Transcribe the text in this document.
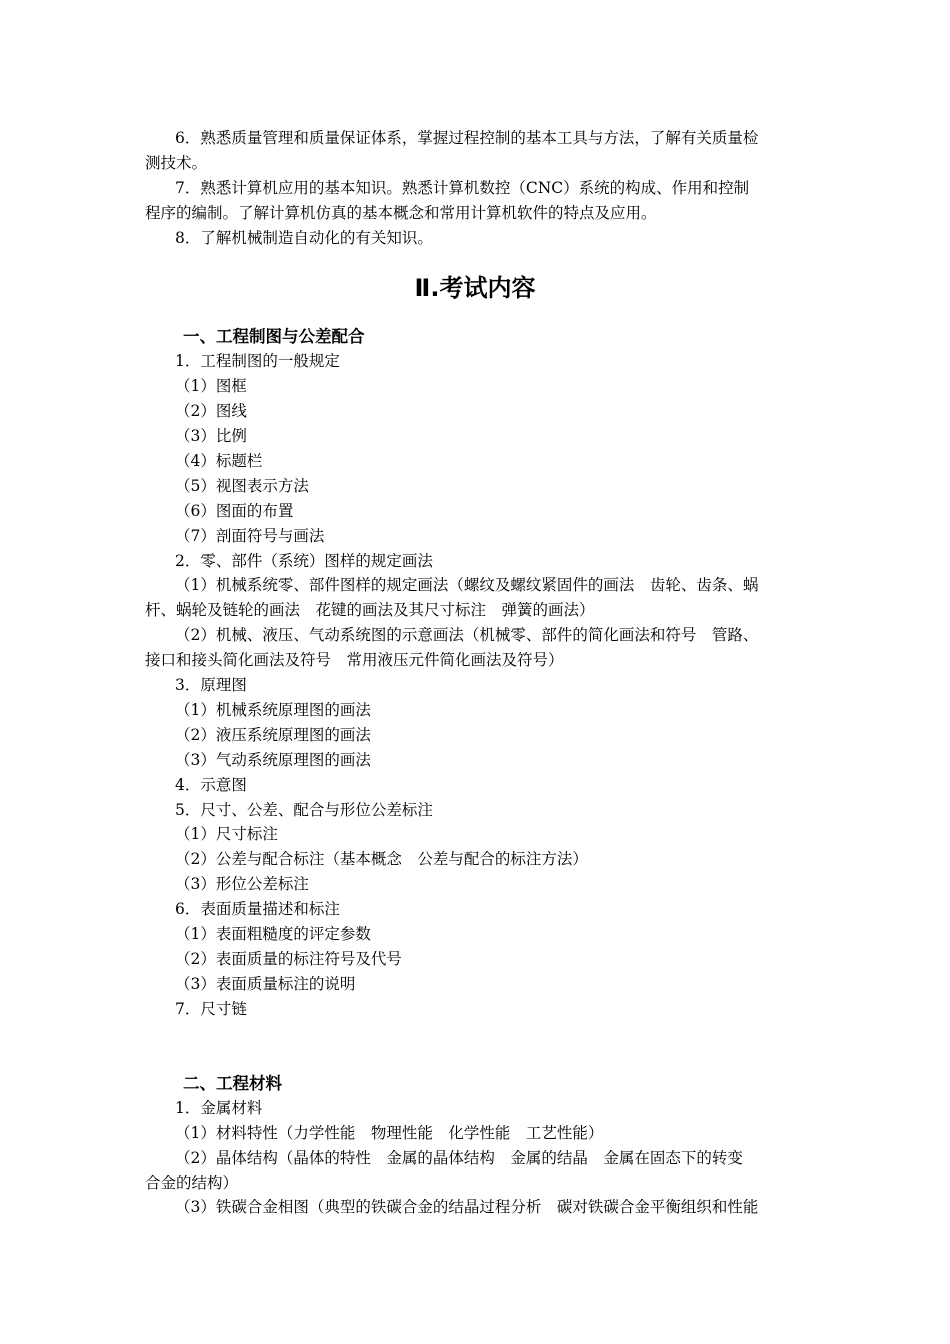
6．熟悉质量管理和质量保证体系，掌握过程控制的基本工具与方法，了解有关质量检
测技术。
7．熟悉计算机应用的基本知识。熟悉计算机数控（CNC）系统的构成、作用和控制
程序的编制。了解计算机仿真的基本概念和常用计算机软件的特点及应用。
8．了解机械制造自动化的有关知识。
Ⅱ.考试内容
一、工程制图与公差配合
1．工程制图的一般规定
（1）图框
（2）图线
（3）比例
（4）标题栏
（5）视图表示方法
（6）图面的布置
（7）剖面符号与画法
2．零、部件（系统）图样的规定画法
（1）机械系统零、部件图样的规定画法（螺纹及螺纹紧固件的画法　齿轮、齿条、蜗
杆、蜗轮及链轮的画法　花键的画法及其尺寸标注　弹簧的画法）
（2）机械、液压、气动系统图的示意画法（机械零、部件的简化画法和符号　管路、
接口和接头简化画法及符号　常用液压元件简化画法及符号）
3．原理图
（1）机械系统原理图的画法
（2）液压系统原理图的画法
（3）气动系统原理图的画法
4．示意图
5．尺寸、公差、配合与形位公差标注
（1）尺寸标注
（2）公差与配合标注（基本概念　公差与配合的标注方法）
（3）形位公差标注
6．表面质量描述和标注
（1）表面粗糙度的评定参数
（2）表面质量的标注符号及代号
（3）表面质量标注的说明
7．尺寸链
二、工程材料
1．金属材料
（1）材料特性（力学性能　物理性能　化学性能　工艺性能）
（2）晶体结构（晶体的特性　金属的晶体结构　金属的结晶　金属在固态下的转变
合金的结构）
（3）铁碳合金相图（典型的铁碳合金的结晶过程分析　碳对铁碳合金平衡组织和性能
